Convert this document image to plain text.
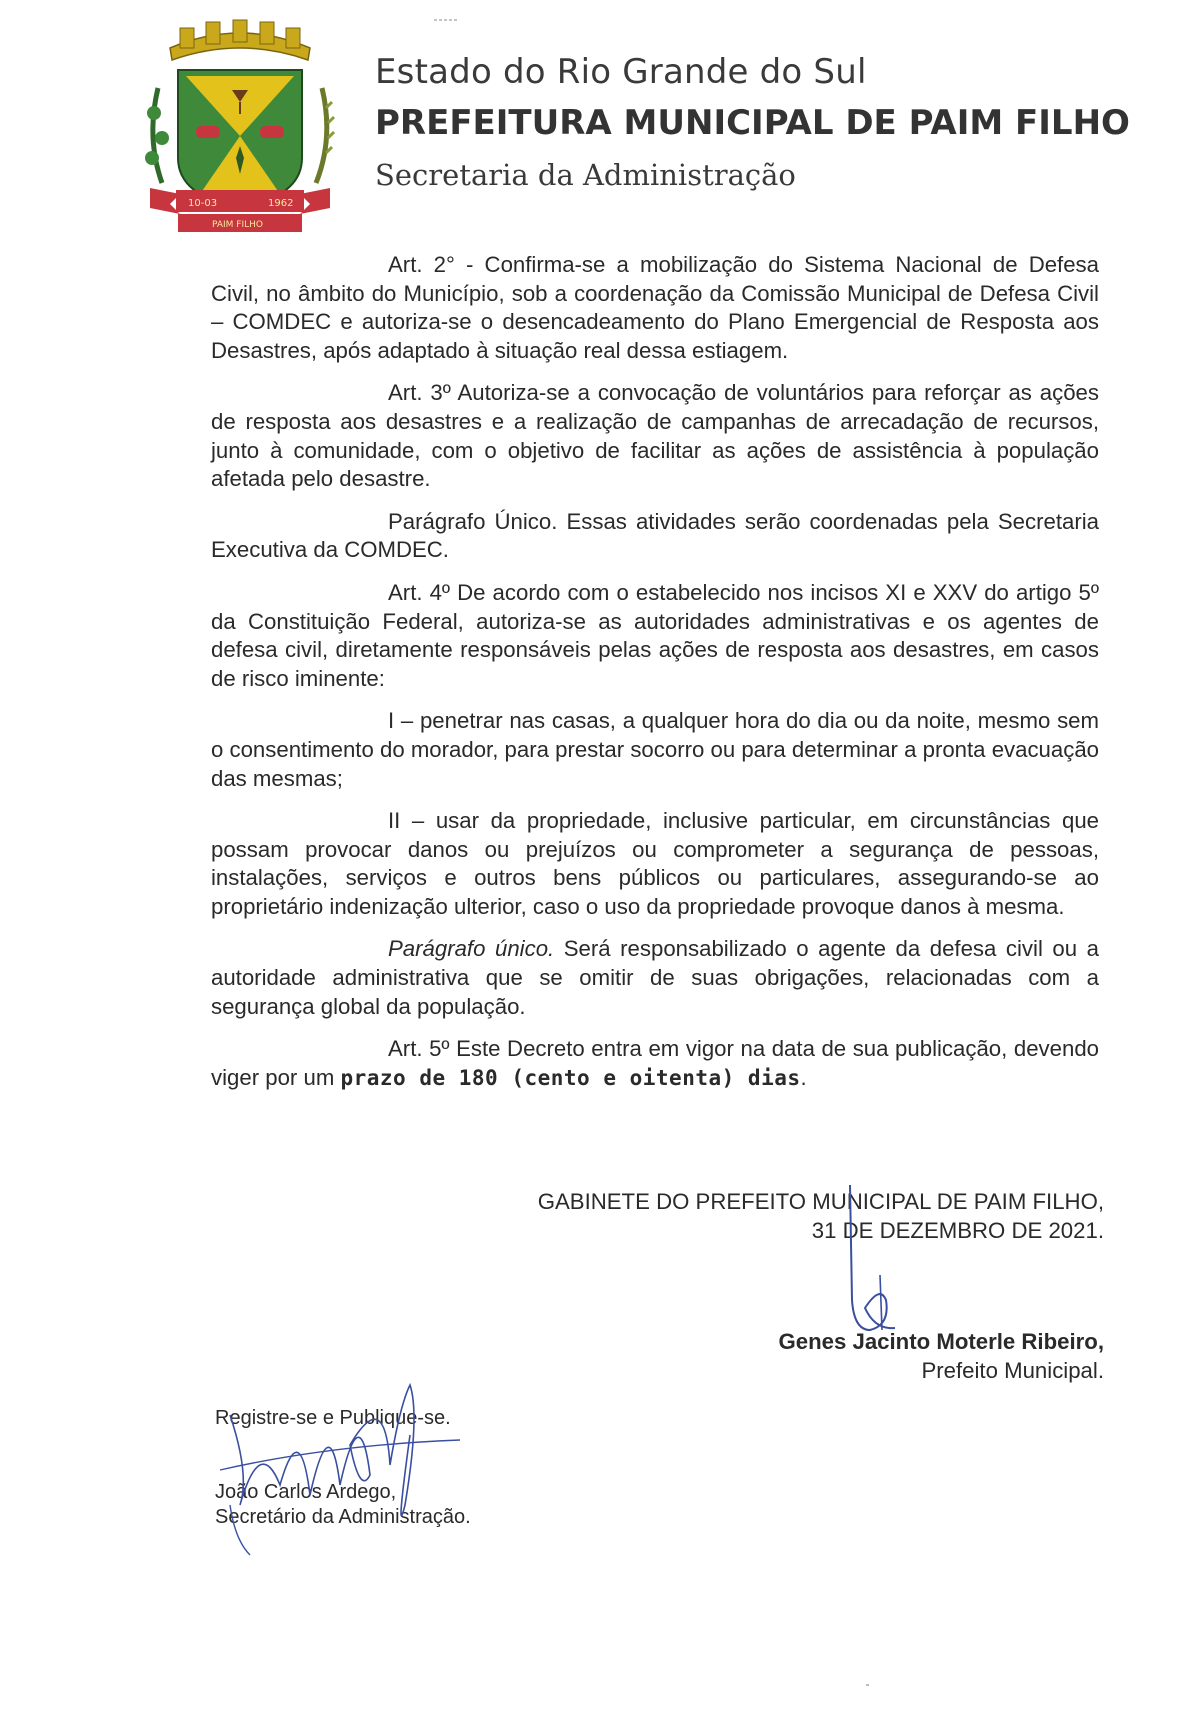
10-03	1962
PAIM FILHO
Estado do Rio Grande do Sul
PREFEITURA MUNICIPAL DE PAIM FILHO
Secretaria da Administração

Art. 2° - Confirma-se a mobilização do Sistema Nacional de Defesa Civil, no âmbito do Município, sob a coordenação da Comissão Municipal de Defesa Civil – COMDEC e autoriza-se o desencadeamento do Plano Emergencial de Resposta aos Desastres, após adaptado à situação real dessa estiagem.

Art. 3º Autoriza-se a convocação de voluntários para reforçar as ações de resposta aos desastres e a realização de campanhas de arrecadação de recursos, junto à comunidade, com o objetivo de facilitar as ações de assistência à população afetada pelo desastre.

Parágrafo Único. Essas atividades serão coordenadas pela Secretaria Executiva da COMDEC.

Art. 4º De acordo com o estabelecido nos incisos XI e XXV do artigo 5º da Constituição Federal, autoriza-se as autoridades administrativas e os agentes de defesa civil, diretamente responsáveis pelas ações de resposta aos desastres, em casos de risco iminente:

I – penetrar nas casas, a qualquer hora do dia ou da noite, mesmo sem o consentimento do morador, para prestar socorro ou para determinar a pronta evacuação das mesmas;

II – usar da propriedade, inclusive particular, em circunstâncias que possam provocar danos ou prejuízos ou comprometer a segurança de pessoas, instalações, serviços e outros bens públicos ou particulares, assegurando-se ao proprietário indenização ulterior, caso o uso da propriedade provoque danos à mesma.

Parágrafo único. Será responsabilizado o agente da defesa civil ou a autoridade administrativa que se omitir de suas obrigações, relacionadas com a segurança global da população.

Art. 5º Este Decreto entra em vigor na data de sua publicação, devendo viger por um prazo de 180 (cento e oitenta) dias.

GABINETE DO PREFEITO MUNICIPAL DE PAIM FILHO,
31 DE DEZEMBRO DE 2021.
Genes Jacinto Moterle Ribeiro,
Prefeito Municipal.
Registre-se e Publique-se.
João Carlos Ardego,
Secretário da Administração.
